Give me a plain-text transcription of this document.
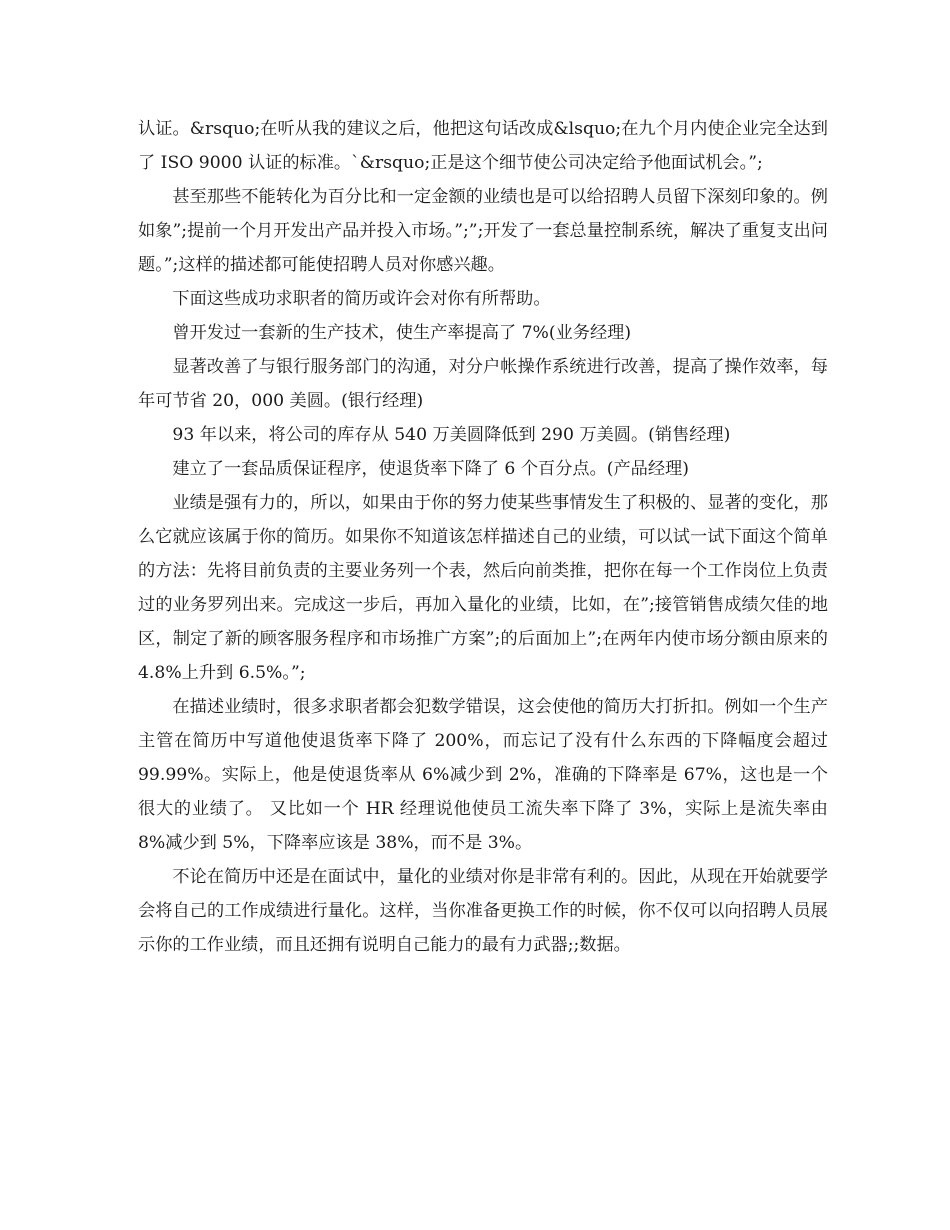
认证。&rsquo;在听从我的建议之后，他把这句话改成&lsquo;在九个月内使企业完全达到了 ISO 9000 认证的标准。`&rsquo;正是这个细节使公司决定给予他面试机会。”;

甚至那些不能转化为百分比和一定金额的业绩也是可以给招聘人员留下深刻印象的。例如象”;提前一个月开发出产品并投入市场。”;”;开发了一套总量控制系统，解决了重复支出问题。”;这样的描述都可能使招聘人员对你感兴趣。

下面这些成功求职者的简历或许会对你有所帮助。

曾开发过一套新的生产技术，使生产率提高了 7%(业务经理)

显著改善了与银行服务部门的沟通，对分户帐操作系统进行改善，提高了操作效率，每年可节省 20，000 美圆。(银行经理)

93 年以来，将公司的库存从 540 万美圆降低到 290 万美圆。(销售经理)

建立了一套品质保证程序，使退货率下降了 6 个百分点。(产品经理)

业绩是强有力的，所以，如果由于你的努力使某些事情发生了积极的、显著的变化，那么它就应该属于你的简历。如果你不知道该怎样描述自己的业绩，可以试一试下面这个简单的方法：先将目前负责的主要业务列一个表，然后向前类推，把你在每一个工作岗位上负责过的业务罗列出来。完成这一步后，再加入量化的业绩，比如，在”;接管销售成绩欠佳的地区，制定了新的顾客服务程序和市场推广方案”;的后面加上”;在两年内使市场分额由原来的 4.8%上升到 6.5%。”;

在描述业绩时，很多求职者都会犯数学错误，这会使他的简历大打折扣。例如一个生产主管在简历中写道他使退货率下降了 200%，而忘记了没有什么东西的下降幅度会超过 99.99%。实际上，他是使退货率从 6%减少到 2%，准确的下降率是 67%，这也是一个很大的业绩了。 又比如一个 HR 经理说他使员工流失率下降了 3%，实际上是流失率由 8%减少到 5%，下降率应该是 38%，而不是 3%。

不论在简历中还是在面试中，量化的业绩对你是非常有利的。因此，从现在开始就要学会将自己的工作成绩进行量化。这样，当你准备更换工作的时候，你不仅可以向招聘人员展示你的工作业绩，而且还拥有说明自己能力的最有力武器;;数据。
